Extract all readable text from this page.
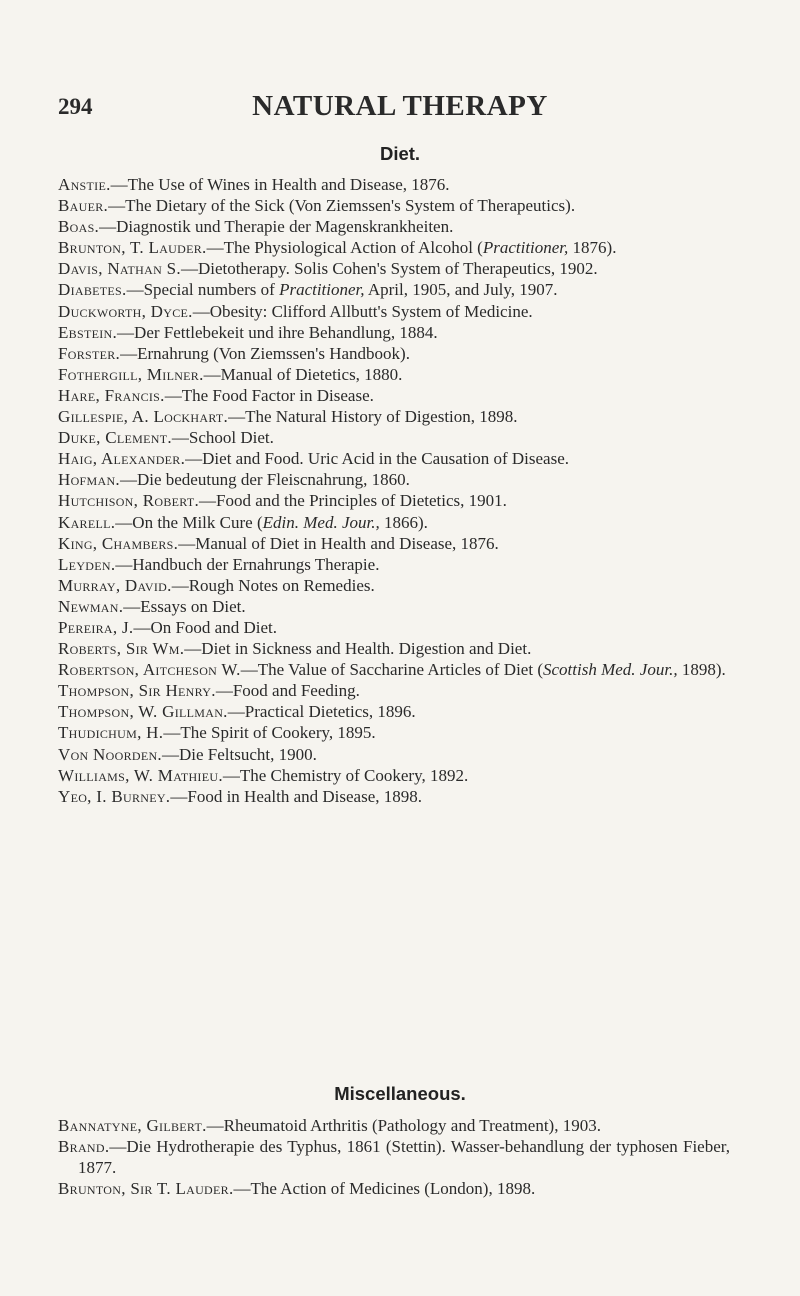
294	NATURAL THERAPY
Diet.
Anstie.—The Use of Wines in Health and Disease, 1876.
Bauer.—The Dietary of the Sick (Von Ziemssen's System of Therapeutics).
Boas.—Diagnostik und Therapie der Magenskrankheiten.
Brunton, T. Lauder.—The Physiological Action of Alcohol (Practitioner, 1876).
Davis, Nathan S.—Dietotherapy. Solis Cohen's System of Therapeutics, 1902.
Diabetes.—Special numbers of Practitioner, April, 1905, and July, 1907.
Duckworth, Dyce.—Obesity: Clifford Allbutt's System of Medicine.
Ebstein.—Der Fettlebekeit und ihre Behandlung, 1884.
Forster.—Ernahrung (Von Ziemssen's Handbook).
Fothergill, Milner.—Manual of Dietetics, 1880.
Hare, Francis.—The Food Factor in Disease.
Gillespie, A. Lockhart.—The Natural History of Digestion, 1898.
Duke, Clement.—School Diet.
Haig, Alexander.—Diet and Food. Uric Acid in the Causation of Disease.
Hofman.—Die bedeutung der Fleiscnahrung, 1860.
Hutchison, Robert.—Food and the Principles of Dietetics, 1901.
Karell.—On the Milk Cure (Edin. Med. Jour., 1866).
King, Chambers.—Manual of Diet in Health and Disease, 1876.
Leyden.—Handbuch der Ernahrungs Therapie.
Murray, David.—Rough Notes on Remedies.
Newman.—Essays on Diet.
Pereira, J.—On Food and Diet.
Roberts, Sir Wm.—Diet in Sickness and Health. Digestion and Diet.
Robertson, Aitcheson W.—The Value of Saccharine Articles of Diet (Scottish Med. Jour., 1898).
Thompson, Sir Henry.—Food and Feeding.
Thompson, W. Gillman.—Practical Dietetics, 1896.
Thudichum, H.—The Spirit of Cookery, 1895.
Von Noorden.—Die Feltsucht, 1900.
Williams, W. Mathieu.—The Chemistry of Cookery, 1892.
Yeo, I. Burney.—Food in Health and Disease, 1898.
Miscellaneous.
Bannatyne, Gilbert.—Rheumatoid Arthritis (Pathology and Treatment), 1903.
Brand.—Die Hydrotherapie des Typhus, 1861 (Stettin). Wasser-behandlung der typhosen Fieber, 1877.
Brunton, Sir T. Lauder.—The Action of Medicines (London), 1898.
